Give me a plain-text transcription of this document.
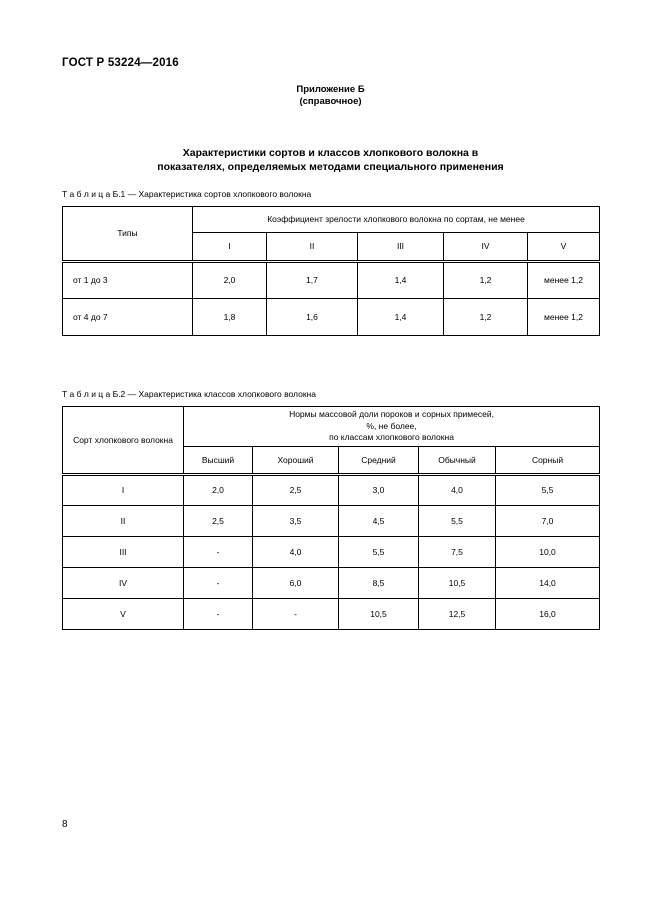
ГОСТ Р 53224—2016
Приложение Б
(справочное)
Характеристики сортов и классов хлопкового волокна в
показателях, определяемых методами специального применения
Т а б л и ц а Б.1 — Характеристика сортов хлопкового волокна
Типы	Коэффициент зрелости хлопкового волокна по сортам, не менее				
	I	II	III	IV	V
от 1 до 3	2,0	1,7	1,4	1,2	менее 1,2
от 4 до 7	1,8	1,6	1,4	1,2	менее 1,2
Т а б л и ц а Б.2 — Характеристика классов хлопкового волокна
Сорт хлопкового волокна	Нормы массовой доли пороков и сорных примесей,
%, не более,
по классам хлопкового волокна				

	Высший	Хороший	Средний	Обычный	Сорный
I	2,0	2,5	3,0	4,0	5,5
II	2,5	3,5	4,5	5,5	7,0
III	-	4,0	5,5	7,5	10,0
IV	-	6,0	8,5	10,5	14,0
V	-	-	10,5	12,5	16,0
8
